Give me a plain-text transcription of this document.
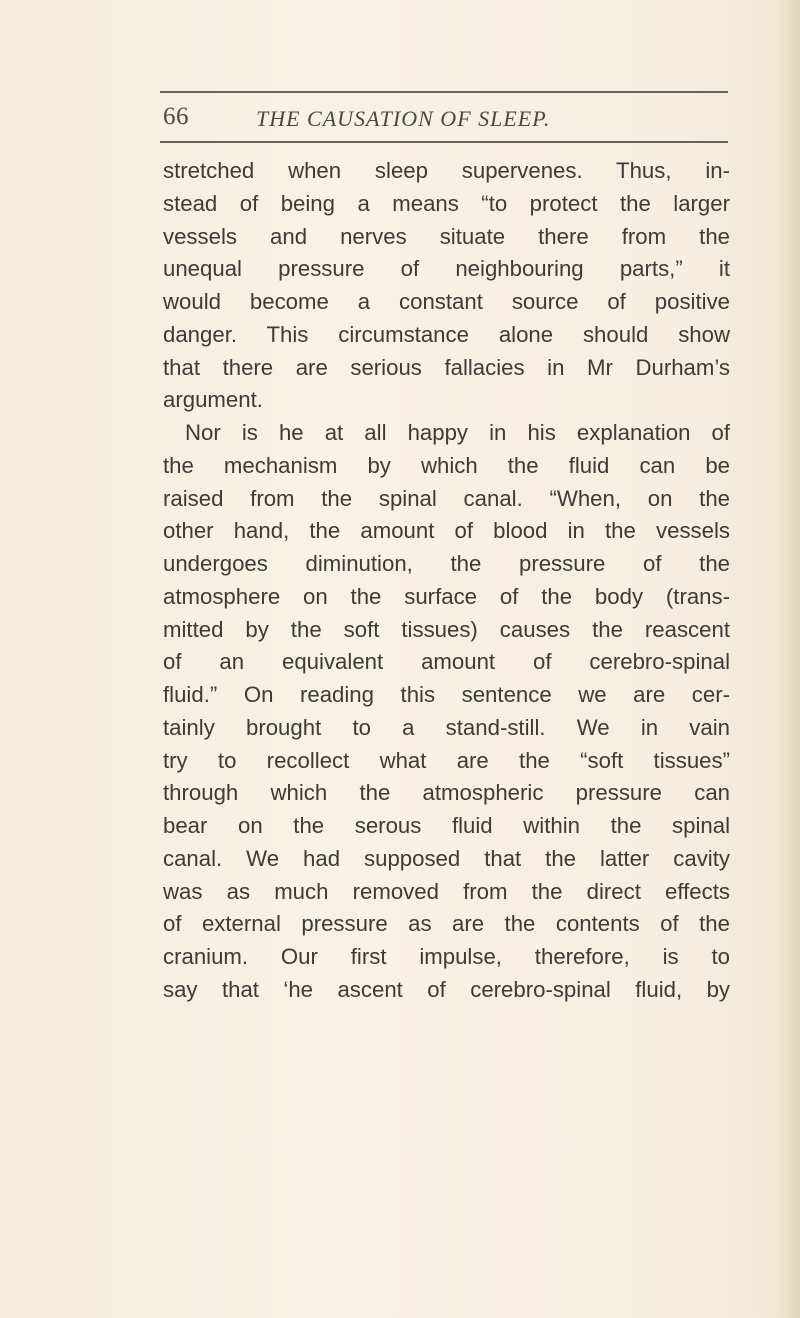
66	THE CAUSATION OF SLEEP.
stretched when sleep supervenes. Thus, in-
stead of being a means “to protect the larger
vessels and nerves situate there from the
unequal pressure of neighbouring parts,” it
would become a constant source of positive
danger. This circumstance alone should show
that there are serious fallacies in Mr Durham’s
argument.
Nor is he at all happy in his explanation of
the mechanism by which the fluid can be
raised from the spinal canal. “When, on the
other hand, the amount of blood in the vessels
undergoes diminution, the pressure of the
atmosphere on the surface of the body (trans-
mitted by the soft tissues) causes the reascent
of an equivalent amount of cerebro-spinal
fluid.” On reading this sentence we are cer-
tainly brought to a stand-still. We in vain
try to recollect what are the “soft tissues”
through which the atmospheric pressure can
bear on the serous fluid within the spinal
canal. We had supposed that the latter cavity
was as much removed from the direct effects
of external pressure as are the contents of the
cranium. Our first impulse, therefore, is to
say that ‘he ascent of cerebro-spinal fluid, by
